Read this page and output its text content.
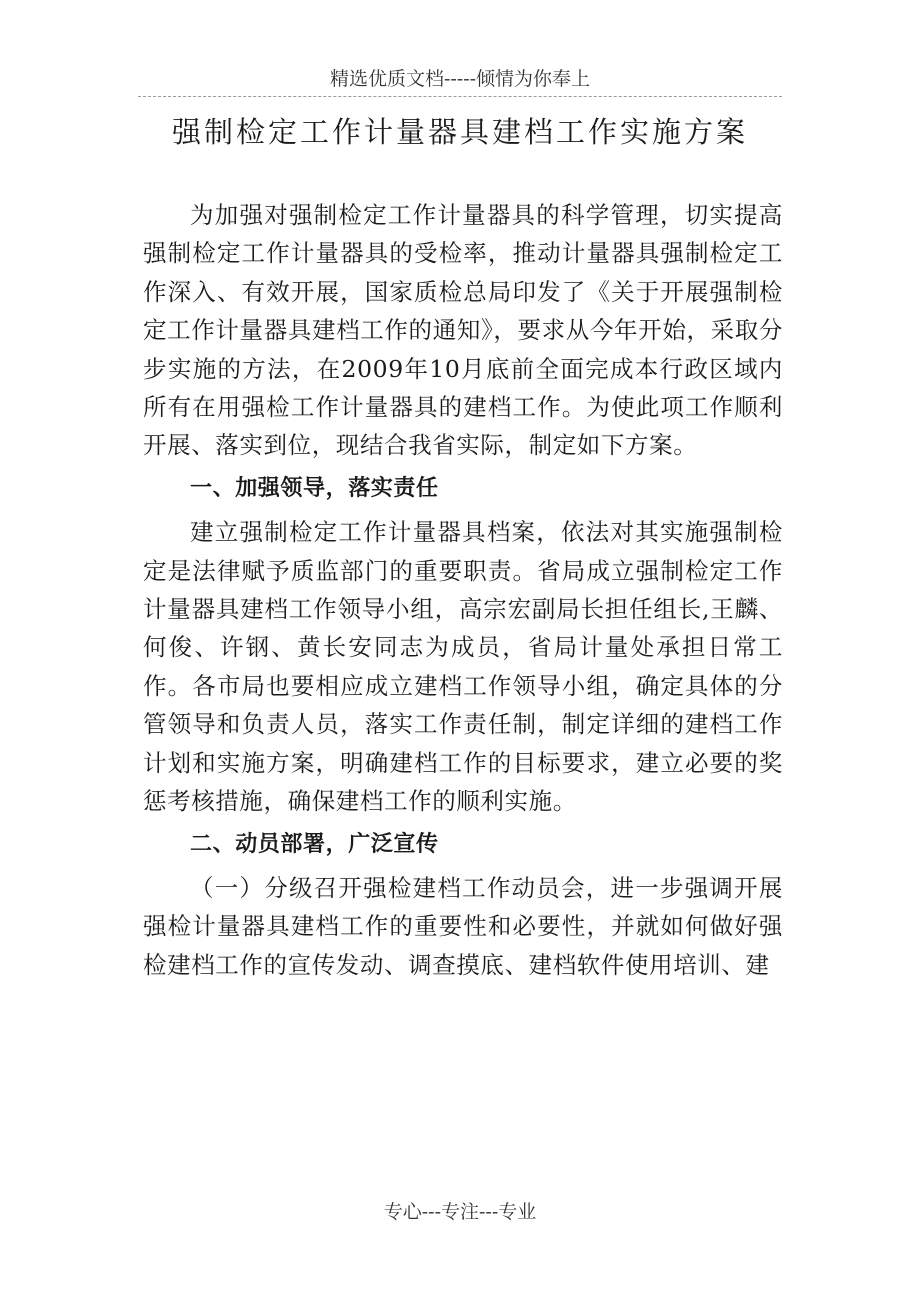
精选优质文档-----倾情为你奉上
强制检定工作计量器具建档工作实施方案

为加强对强制检定工作计量器具的科学管理，切实提高强制检定工作计量器具的受检率，推动计量器具强制检定工作深入、有效开展，国家质检总局印发了《关于开展强制检定工作计量器具建档工作的通知》，要求从今年开始，采取分步实施的方法，在2009年10月底前全面完成本行政区域内所有在用强检工作计量器具的建档工作。为使此项工作顺利开展、落实到位，现结合我省实际，制定如下方案。

一、加强领导，落实责任

建立强制检定工作计量器具档案，依法对其实施强制检定是法律赋予质监部门的重要职责。省局成立强制检定工作计量器具建档工作领导小组，高宗宏副局长担任组长,王麟、何俊、许钢、黄长安同志为成员，省局计量处承担日常工作。各市局也要相应成立建档工作领导小组，确定具体的分管领导和负责人员，落实工作责任制，制定详细的建档工作计划和实施方案，明确建档工作的目标要求，建立必要的奖惩考核措施，确保建档工作的顺利实施。

二、动员部署，广泛宣传

（一）分级召开强检建档工作动员会，进一步强调开展强检计量器具建档工作的重要性和必要性，并就如何做好强检建档工作的宣传发动、调查摸底、建档软件使用培训、建

专心---专注---专业
